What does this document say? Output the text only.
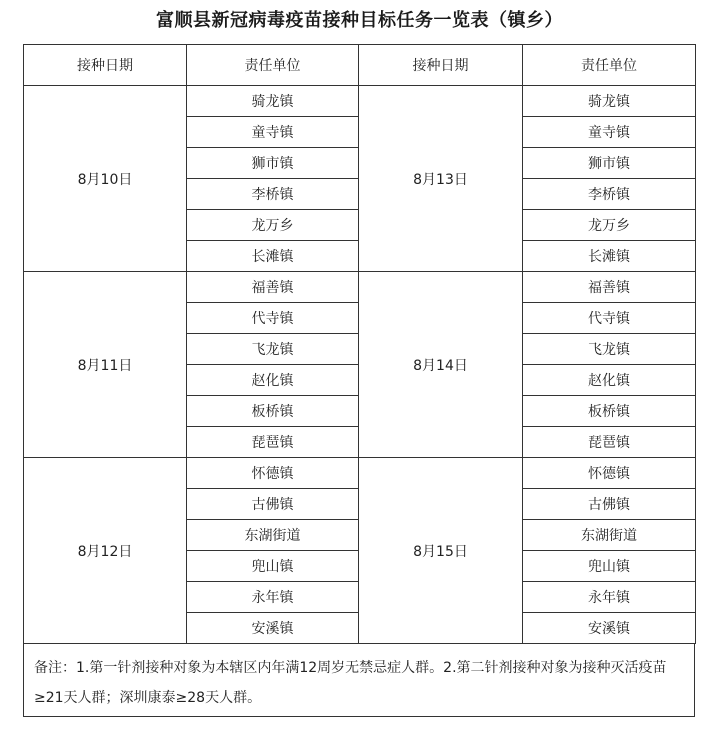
富顺县新冠病毒疫苗接种目标任务一览表（镇乡）
接种日期	责任单位	接种日期	责任单位
8月10日	骑龙镇	8月13日	骑龙镇
	童寺镇		童寺镇
	狮市镇		狮市镇
	李桥镇		李桥镇
	龙万乡		龙万乡
	长滩镇		长滩镇
8月11日	福善镇	8月14日	福善镇
	代寺镇		代寺镇
	飞龙镇		飞龙镇
	赵化镇		赵化镇
	板桥镇		板桥镇
	琵琶镇		琵琶镇
8月12日	怀德镇	8月15日	怀德镇
	古佛镇		古佛镇
	东湖街道		东湖街道
	兜山镇		兜山镇
	永年镇		永年镇
	安溪镇		安溪镇
备注：1.第一针剂接种对象为本辖区内年满12周岁无禁忌症人群。2.第二针剂接种对象为接种灭活疫苗≥21天人群；深圳康泰≥28天人群。
